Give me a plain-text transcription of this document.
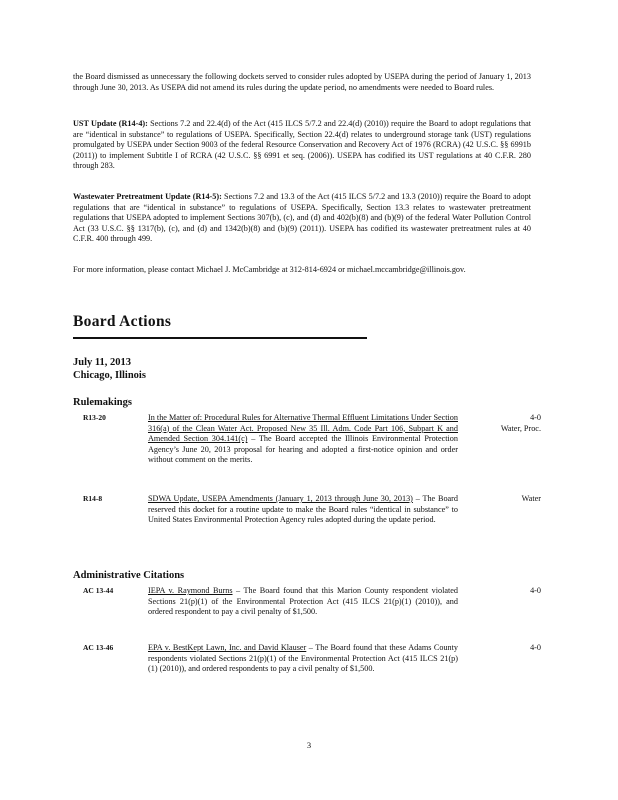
the Board dismissed as unnecessary the following dockets served to consider rules adopted by USEPA during the period of January 1, 2013 through June 30, 2013. As USEPA did not amend its rules during the update period, no amendments were needed to Board rules.

UST Update (R14-4): Sections 7.2 and 22.4(d) of the Act (415 ILCS 5/7.2 and 22.4(d) (2010)) require the Board to adopt regulations that are “identical in substance” to regulations of USEPA. Specifically, Section 22.4(d) relates to underground storage tank (UST) regulations promulgated by USEPA under Section 9003 of the federal Resource Conservation and Recovery Act of 1976 (RCRA) (42 U.S.C. §§ 6991b (2011)) to implement Subtitle I of RCRA (42 U.S.C. §§ 6991 et seq. (2006)). USEPA has codified its UST regulations at 40 C.F.R. 280 through 283.

Wastewater Pretreatment Update (R14-5): Sections 7.2 and 13.3 of the Act (415 ILCS 5/7.2 and 13.3 (2010)) require the Board to adopt regulations that are “identical in substance” to regulations of USEPA. Specifically, Section 13.3 relates to wastewater pretreatment regulations that USEPA adopted to implement Sections 307(b), (c), and (d) and 402(b)(8) and (b)(9) of the federal Water Pollution Control Act (33 U.S.C. §§ 1317(b), (c), and (d) and 1342(b)(8) and (b)(9) (2011)). USEPA has codified its wastewater pretreatment rules at 40 C.F.R. 400 through 499.

For more information, please contact Michael J. McCambridge at 312-814-6924 or michael.mccambridge@illinois.gov.

Board Actions
July 11, 2013
Chicago, Illinois
Rulemakings
R13-20	In the Matter of: Procedural Rules for Alternative Thermal Effluent Limitations Under Section 316(a) of the Clean Water Act. Proposed New 35 Ill. Adm. Code Part 106, Subpart K and Amended Section 304.141(c) – The Board accepted the Illinois Environmental Protection Agency’s June 20, 2013 proposal for hearing and adopted a first-notice opinion and order without comment on the merits.
4-0
Water, Proc.
R14-8	SDWA Update, USEPA Amendments (January 1, 2013 through June 30, 2013) – The Board reserved this docket for a routine update to make the Board rules “identical in substance” to United States Environmental Protection Agency rules adopted during the update period.
Water
Administrative Citations
AC 13-44	IEPA v. Raymond Burns – The Board found that this Marion County respondent violated Sections 21(p)(1) of the Environmental Protection Act (415 ILCS 21(p)(1) (2010)), and ordered respondent to pay a civil penalty of $1,500.
4-0
AC 13-46	EPA v. BestKept Lawn, Inc. and David Klauser – The Board found that these Adams County respondents violated Sections 21(p)(1) of the Environmental Protection Act (415 ILCS 21(p)(1) (2010)), and ordered respondents to pay a civil penalty of $1,500.
4-0
3
